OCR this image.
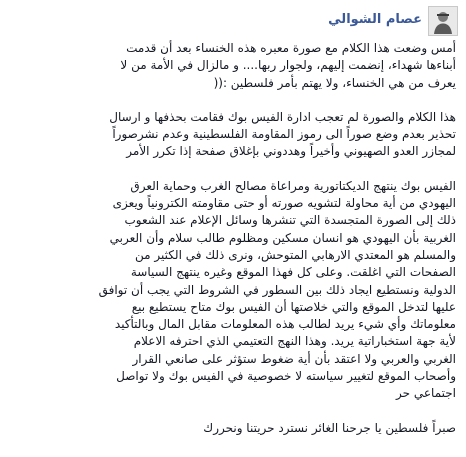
عصام الشوالي
أمس وضعت هذا الكلام مع صورة معبره هذه الخنساء بعد أن قدمت
أبناءها شهداء، إنضمت إليهم، ولجوار ربها.... و مالزال في الأمة من لا
يعرف من هي الخنساء، ولا يهتم بأمر فلسطين :((
هذا الكلام والصورة لم تعجب ادارة الفيس بوك فقامت بحذفها و ارسال
تحذير بعدم وضع صوراً الى رموز المقاومة الفلسطينية وعدم نشرصوراً
لمجازر العدو الصهيوني وأخيراً وهددوني بإغلاق صفحة إذا تكرر الأمر
الفيس بوك ينتهج الديكتاتورية ومراعاة مصالح الغرب وحماية العرق
اليهودي من أية محاولة لتشويه صورته أو حتى مقاومته الكترونياً ويعزى
ذلك إلى الصورة المتجسدة التي تنشرها وسائل الإعلام عند الشعوب
الغربية بأن اليهودي هو انسان مسكين ومظلوم طالب سلام وأن العربي
والمسلم هو المعتدي الارهابي المتوحش، ونرى ذلك في الكثير من
الصفحات التي اغلقت. وعلى كل فهذا الموقع وغيره ينتهج السياسة
الدولية ونستطيع ايجاد ذلك بين السطور في الشروط التي يجب أن توافق
عليها لتدخل الموقع والتي خلاصتها أن الفيس بوك متاح يستطيع بيع
معلوماتك وأي شيء يريد لطالب هذه المعلومات مقابل المال وبالتأكيد
لأية جهة استخباراتية يريد. وهذا النهج التعتيمي الذي احترفه الاعلام
الغربي والعربي ولا اعتقد بأن أية ضغوط ستؤثر على صانعي القرار
وأصحاب الموقع لتغيير سياسته لا خصوصية في الفيس بوك ولا تواصل
اجتماعي حر
صبراً فلسطين يا جرحنا الغائر نسترد حريتنا ونحررك
